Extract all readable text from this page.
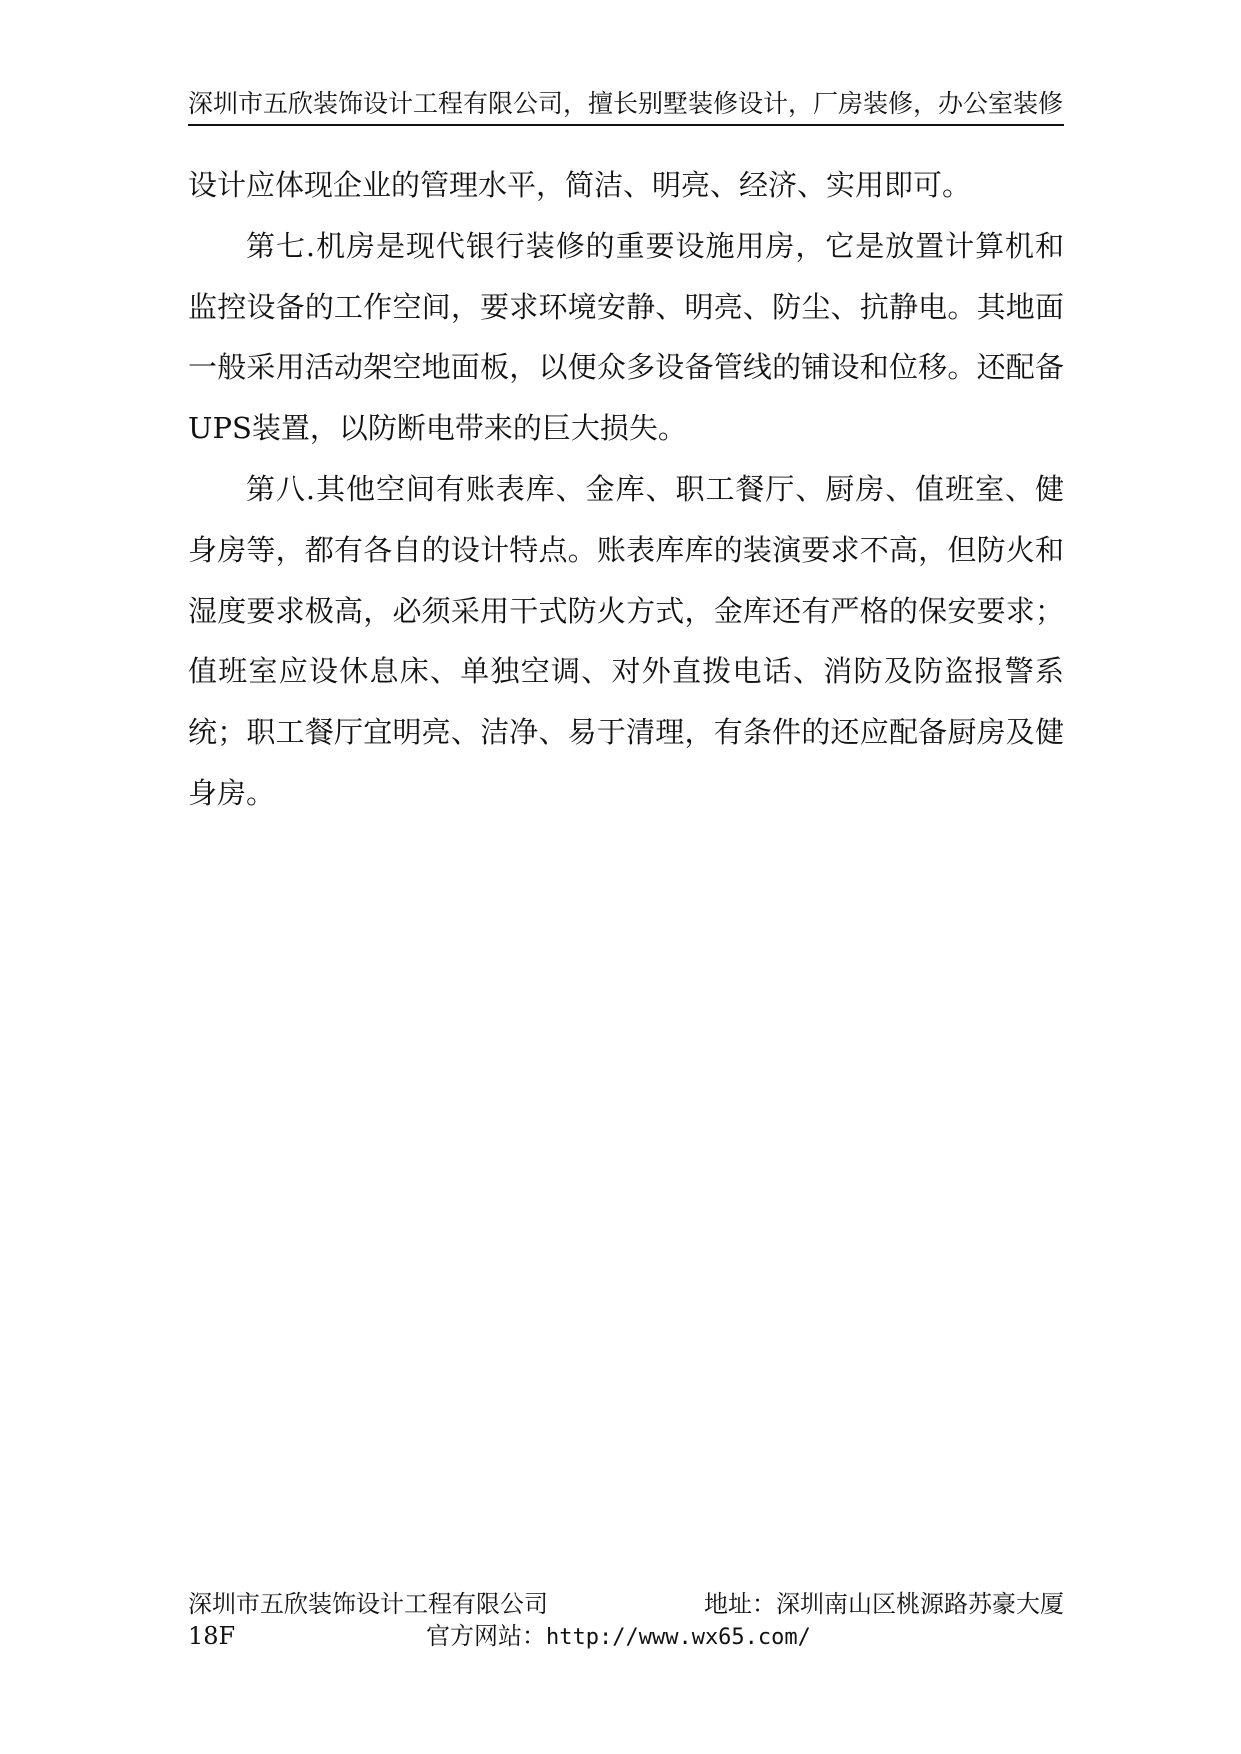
深圳市五欣装饰设计工程有限公司，擅长别墅装修设计，厂房装修，办公室装修

设计应体现企业的管理水平，简洁、明亮、经济、实用即可。

第七.机房是现代银行装修的重要设施用房，它是放置计算机和监控设备的工作空间，要求环境安静、明亮、防尘、抗静电。其地面一般采用活动架空地面板，以便众多设备管线的铺设和位移。还配备UPS装置，以防断电带来的巨大损失。

第八.其他空间有账表库、金库、职工餐厅、厨房、值班室、健身房等，都有各自的设计特点。账表库库的装演要求不高，但防火和湿度要求极高，必须采用干式防火方式，金库还有严格的保安要求；值班室应设休息床、单独空调、对外直拨电话、消防及防盗报警系统；职工餐厅宜明亮、洁净、易于清理，有条件的还应配备厨房及健身房。

深圳市五欣装饰设计工程有限公司	地址：深圳南山区桃源路苏豪大厦
18F	官方网站：http://www.wx65.com/
